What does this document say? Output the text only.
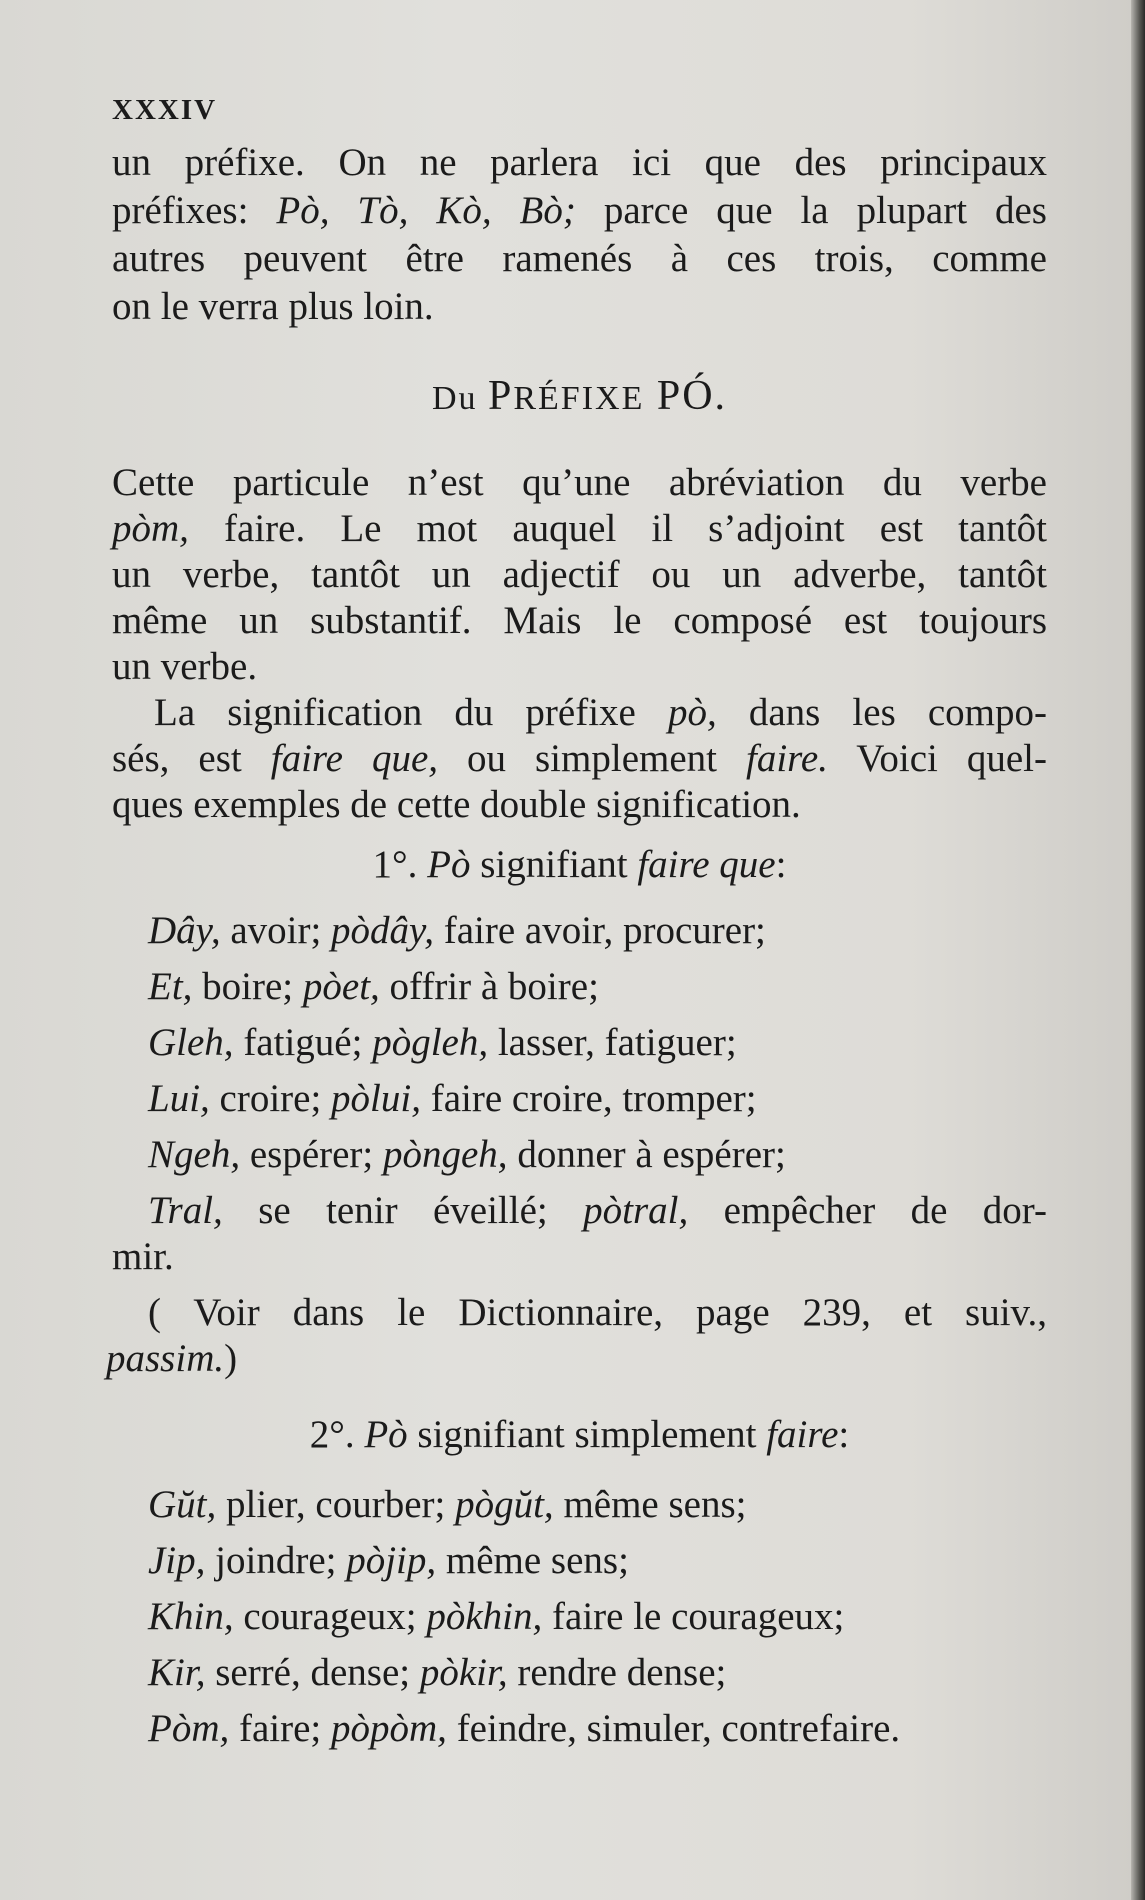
XXXIV
un préfixe. On ne parlera ici que des principaux
préfixes: Pò, Tò, Kò, Bò; parce que la plupart des
autres peuvent être ramenés à ces trois, comme
on le verra plus loin.
Du PRÉFIXE PÓ.
Cette particule n’est qu’une abréviation du verbe
pòm, faire. Le mot auquel il s’adjoint est tantôt
un verbe, tantôt un adjectif ou un adverbe, tantôt
même un substantif. Mais le composé est toujours
un verbe.
La signification du préfixe pò, dans les compo-
sés, est faire que, ou simplement faire. Voici quel-
ques exemples de cette double signification.
1°. Pò signifiant faire que:
Dây, avoir; pòdây, faire avoir, procurer;
Et, boire; pòet, offrir à boire;
Gleh, fatigué; pògleh, lasser, fatiguer;
Lui, croire; pòlui, faire croire, tromper;
Ngeh, espérer; pòngeh, donner à espérer;
Tral, se tenir éveillé; pòtral, empêcher de dor-
mir.
( Voir dans le Dictionnaire, page 239, et suiv.,
passim.)
2°. Pò signifiant simplement faire:
Gŭt, plier, courber; pògŭt, même sens;
Jip, joindre; pòjip, même sens;
Khin, courageux; pòkhin, faire le courageux;
Kir, serré, dense; pòkir, rendre dense;
Pòm, faire; pòpòm, feindre, simuler, contrefaire.
